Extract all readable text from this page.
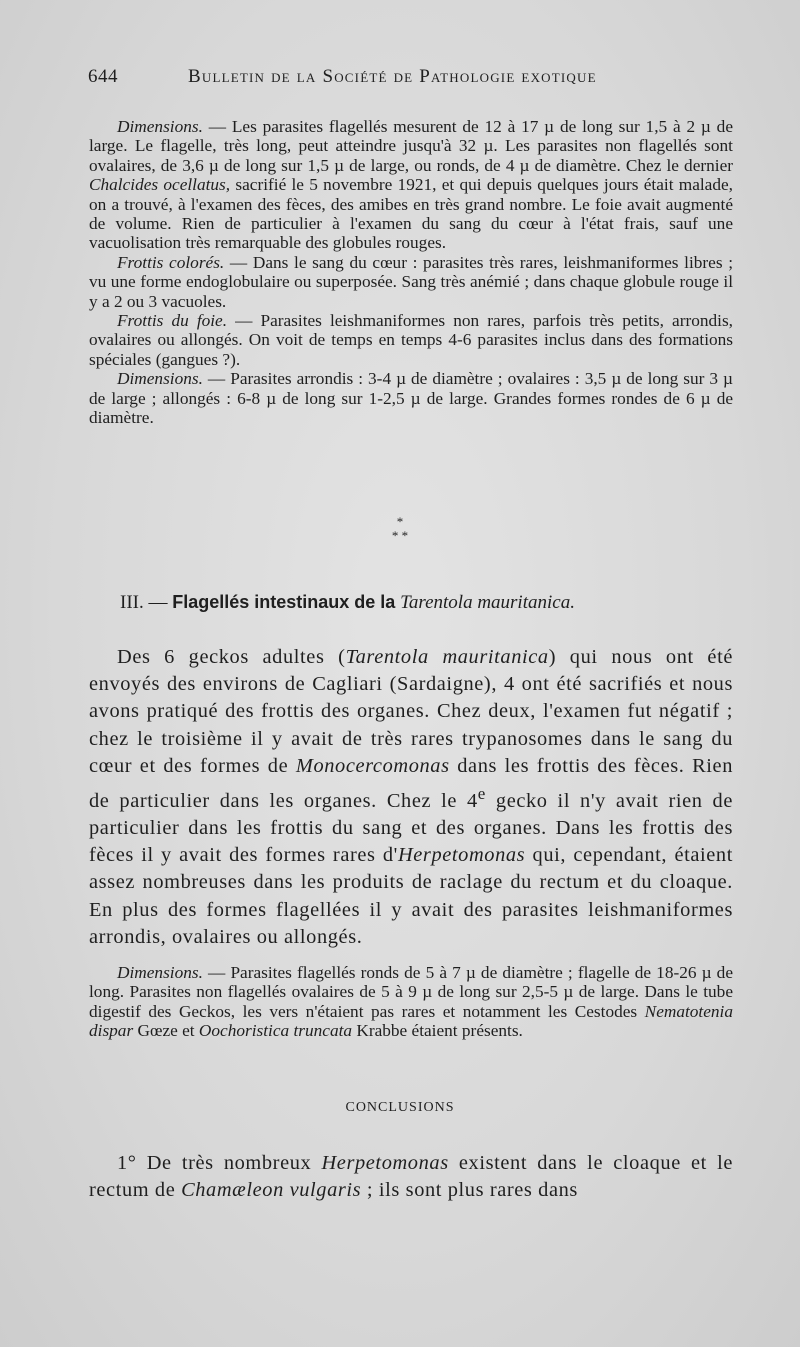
644	Bulletin de la Société de Pathologie exotique

Dimensions. — Les parasites flagellés mesurent de 12 à 17 µ de long sur 1,5 à 2 µ de large. Le flagelle, très long, peut atteindre jusqu'à 32 µ. Les parasites non flagellés sont ovalaires, de 3,6 µ de long sur 1,5 µ de large, ou ronds, de 4 µ de diamètre. Chez le dernier Chalcides ocellatus, sacrifié le 5 novembre 1921, et qui depuis quelques jours était malade, on a trouvé, à l'examen des fèces, des amibes en très grand nombre. Le foie avait augmenté de volume. Rien de particulier à l'examen du sang du cœur à l'état frais, sauf une vacuolisation très remarquable des globules rouges.

Frottis colorés. — Dans le sang du cœur : parasites très rares, leishmaniformes libres ; vu une forme endoglobulaire ou superposée. Sang très anémié ; dans chaque globule rouge il y a 2 ou 3 vacuoles.

Frottis du foie. — Parasites leishmaniformes non rares, parfois très petits, arrondis, ovalaires ou allongés. On voit de temps en temps 4-6 parasites inclus dans des formations spéciales (gangues ?).

Dimensions. — Parasites arrondis : 3-4 µ de diamètre ; ovalaires : 3,5 µ de long sur 3 µ de large ; allongés : 6-8 µ de long sur 1-2,5 µ de large. Grandes formes rondes de 6 µ de diamètre.

*
* *
III. — Flagellés intestinaux de la Tarentola mauritanica.

Des 6 geckos adultes (Tarentola mauritanica) qui nous ont été envoyés des environs de Cagliari (Sardaigne), 4 ont été sacrifiés et nous avons pratiqué des frottis des organes. Chez deux, l'examen fut négatif ; chez le troisième il y avait de très rares trypanosomes dans le sang du cœur et des formes de Monocercomonas dans les frottis des fèces. Rien de particulier dans les organes. Chez le 4e gecko il n'y avait rien de particulier dans les frottis du sang et des organes. Dans les frottis des fèces il y avait des formes rares d'Herpetomonas qui, cependant, étaient assez nombreuses dans les produits de raclage du rectum et du cloaque. En plus des formes flagellées il y avait des parasites leishmaniformes arrondis, ovalaires ou allongés.

Dimensions. — Parasites flagellés ronds de 5 à 7 µ de diamètre ; flagelle de 18-26 µ de long. Parasites non flagellés ovalaires de 5 à 9 µ de long sur 2,5-5 µ de large. Dans le tube digestif des Geckos, les vers n'étaient pas rares et notamment les Cestodes Nematotenia dispar Gœze et Oochoristica truncata Krabbe étaient présents.

CONCLUSIONS

1° De très nombreux Herpetomonas existent dans le cloaque et le rectum de Chamæleon vulgaris ; ils sont plus rares dans
